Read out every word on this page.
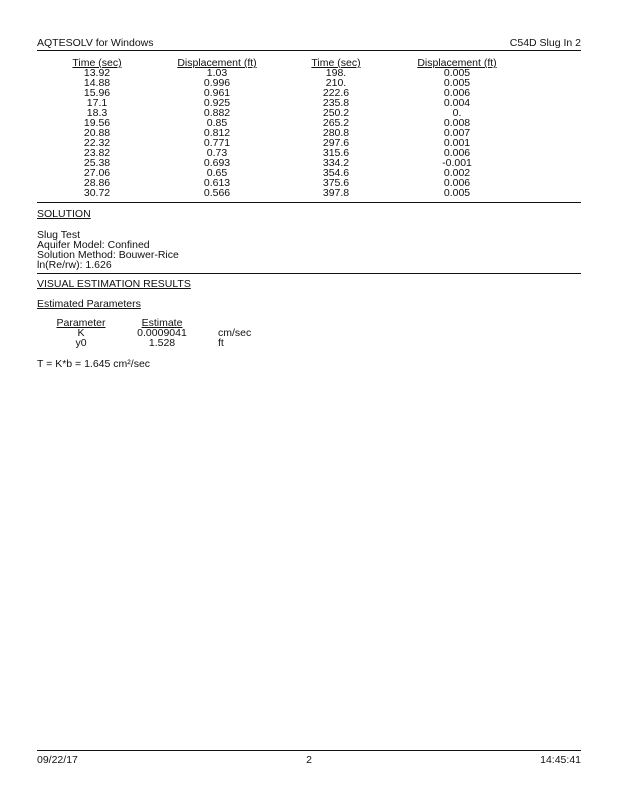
AQTESOLV for Windows	C54D Slug In 2
Time (sec)	Displacement (ft)	Time (sec)	Displacement (ft)
13.92	1.03	198.	0.005
14.88	0.996	210.	0.005
15.96	0.961	222.6	0.006
17.1	0.925	235.8	0.004
18.3	0.882	250.2	0.
19.56	0.85	265.2	0.008
20.88	0.812	280.8	0.007
22.32	0.771	297.6	0.001
23.82	0.73	315.6	0.006
25.38	0.693	334.2	-0.001
27.06	0.65	354.6	0.002
28.86	0.613	375.6	0.006
30.72	0.566	397.8	0.005
SOLUTION
Slug Test
Aquifer Model: Confined
Solution Method: Bouwer-Rice
ln(Re/rw): 1.626
VISUAL ESTIMATION RESULTS
Estimated Parameters
Parameter	Estimate	
K	0.0009041	cm/sec
y0	1.528	ft
T = K*b = 1.645 cm²/sec
09/22/17	2	14:45:41
